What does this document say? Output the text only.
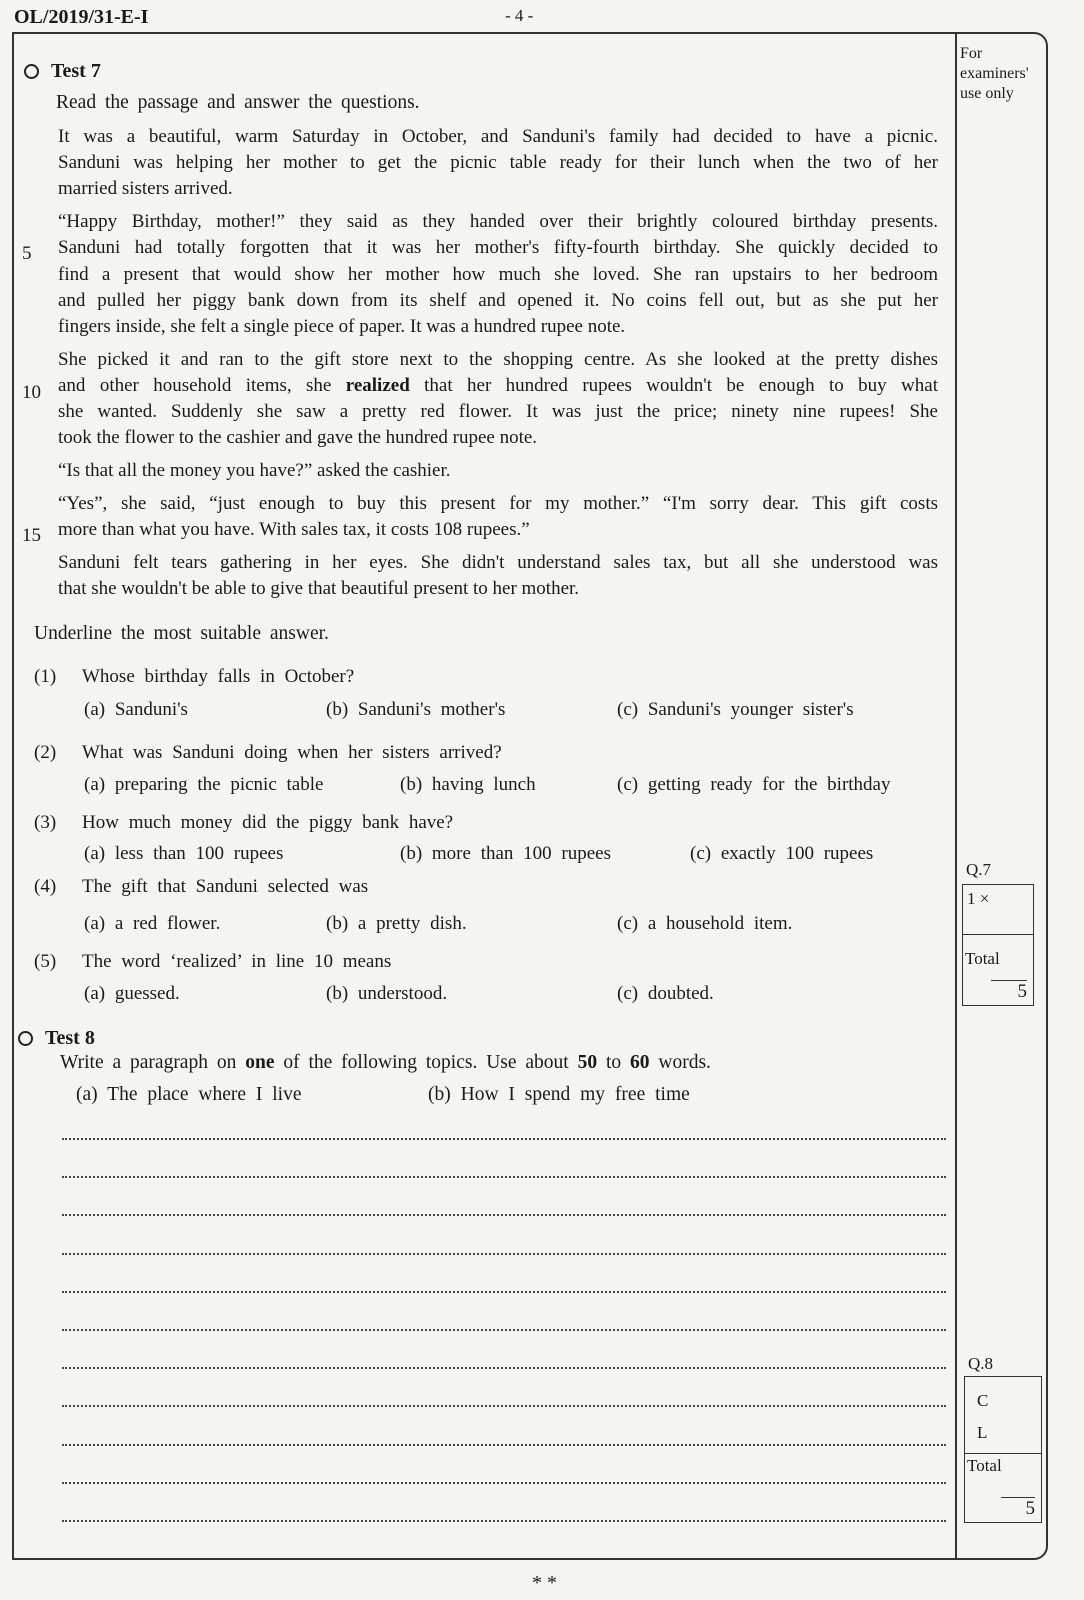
OL/2019/31-E-I	- 4 -
For
examiners'
use only
Test 7
Read the passage and answer the questions.
It was a beautiful, warm Saturday in October, and Sanduni's family had decided to have a picnic.
Sanduni was helping her mother to get the picnic table ready for their lunch when the two of her
married sisters arrived.
“Happy Birthday, mother!” they said as they handed over their brightly coloured birthday presents.
Sanduni had totally forgotten that it was her mother's fifty-fourth birthday. She quickly decided to
find a present that would show her mother how much she loved. She ran upstairs to her bedroom
and pulled her piggy bank down from its shelf and opened it. No coins fell out, but as she put her
fingers inside, she felt a single piece of paper. It was a hundred rupee note.
She picked it and ran to the gift store next to the shopping centre. As she looked at the pretty dishes
and other household items, she realized that her hundred rupees wouldn't be enough to buy what
she wanted. Suddenly she saw a pretty red flower. It was just the price; ninety nine rupees! She
took the flower to the cashier and gave the hundred rupee note.
“Is that all the money you have?” asked the cashier.
“Yes”, she said, “just enough to buy this present for my mother.” “I'm sorry dear. This gift costs
more than what you have. With sales tax, it costs 108 rupees.”
Sanduni felt tears gathering in her eyes. She didn't understand sales tax, but all she understood was
that she wouldn't be able to give that beautiful present to her mother.
5
10
15
Underline the most suitable answer.
(1) Whose birthday falls in October?
(a) Sanduni's	(b) Sanduni's mother's	(c) Sanduni's younger sister's
(2) What was Sanduni doing when her sisters arrived?
(a) preparing the picnic table	(b) having lunch	(c) getting ready for the birthday
(3) How much money did the piggy bank have?
(a) less than 100 rupees	(b) more than 100 rupees	(c) exactly 100 rupees
(4) The gift that Sanduni selected was
(a) a red flower.	(b) a pretty dish.	(c) a household item.
(5) The word ‘realized’ in line 10 means
(a) guessed.	(b) understood.	(c) doubted.
Q.7
1 ×
Total
5
Test 8
Write a paragraph on one of the following topics. Use about 50 to 60 words.
(a) The place where I live	(b) How I spend my free time
Q.8
C
L
Total
5
* *
